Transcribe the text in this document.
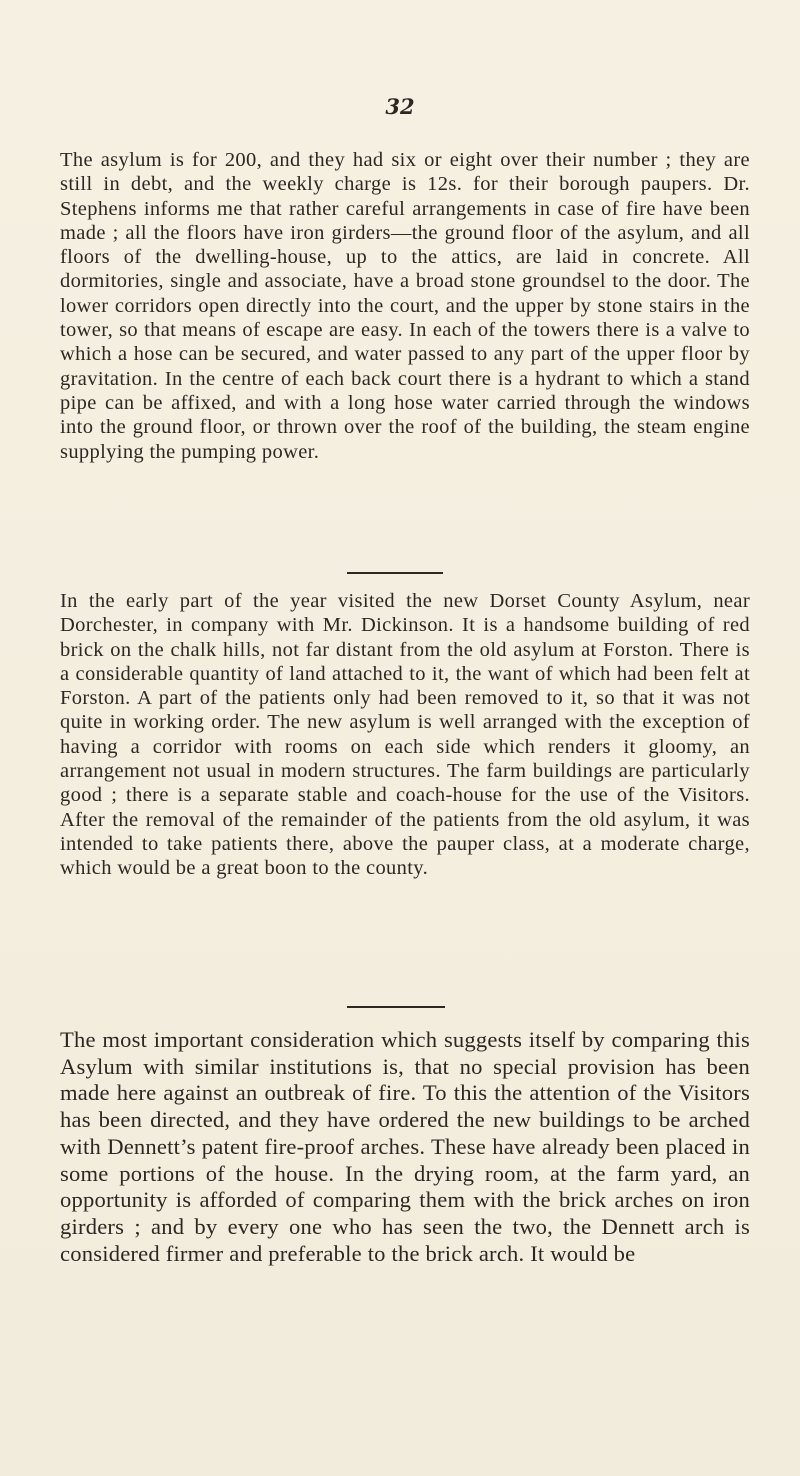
32

The asylum is for 200, and they had six or eight over their number ; they are still in debt, and the weekly charge is 12s. for their borough paupers. Dr. Stephens informs me that rather careful arrangements in case of fire have been made ; all the floors have iron girders—the ground floor of the asylum, and all floors of the dwelling-house, up to the attics, are laid in concrete. All dormitories, single and associate, have a broad stone groundsel to the door. The lower corridors open directly into the court, and the upper by stone stairs in the tower, so that means of escape are easy. In each of the towers there is a valve to which a hose can be secured, and water passed to any part of the upper floor by gravitation. In the centre of each back court there is a hydrant to which a stand pipe can be affixed, and with a long hose water carried through the windows into the ground floor, or thrown over the roof of the building, the steam engine supplying the pumping power.

In the early part of the year visited the new Dorset County Asylum, near Dorchester, in company with Mr. Dickinson. It is a handsome building of red brick on the chalk hills, not far distant from the old asylum at Forston. There is a considerable quantity of land attached to it, the want of which had been felt at Forston. A part of the patients only had been removed to it, so that it was not quite in working order. The new asylum is well arranged with the exception of having a corridor with rooms on each side which renders it gloomy, an arrangement not usual in modern structures. The farm buildings are particularly good ; there is a separate stable and coach-house for the use of the Visitors. After the removal of the remainder of the patients from the old asylum, it was intended to take patients there, above the pauper class, at a moderate charge, which would be a great boon to the county.

The most important consideration which suggests itself by comparing this Asylum with similar institutions is, that no special provision has been made here against an outbreak of fire. To this the attention of the Visitors has been directed, and they have ordered the new buildings to be arched with Dennett’s patent fire-proof arches. These have already been placed in some portions of the house. In the drying room, at the farm yard, an opportunity is afforded of comparing them with the brick arches on iron girders ; and by every one who has seen the two, the Dennett arch is considered firmer and preferable to the brick arch. It would be
